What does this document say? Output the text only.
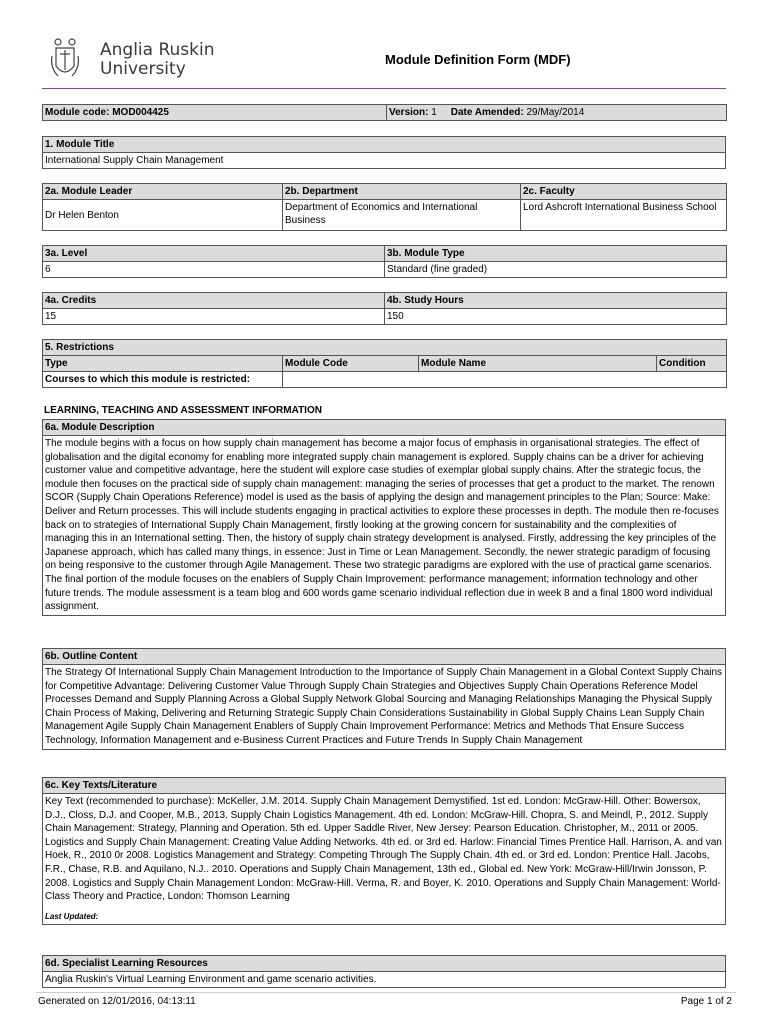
Anglia Ruskin
University	Module Definition Form (MDF)
Module code: MOD004425	Version: 1 Date Amended: 29/May/2014
1. Module Title
International Supply Chain Management
2a. Module Leader	2b. Department	2c. Faculty
Dr Helen Benton	Department of Economics and International Business	Lord Ashcroft International Business School
3a. Level	3b. Module Type
6	Standard (fine graded)
4a. Credits	4b. Study Hours
15	150
5. Restrictions			
Type	Module Code	Module Name	Condition
Courses to which this module is restricted:			
LEARNING, TEACHING AND ASSESSMENT INFORMATION
6a. Module Description
The module begins with a focus on how supply chain management has become a major focus of emphasis in organisational strategies. The effect of globalisation and the digital economy for enabling more integrated supply chain management is explored. Supply chains can be a driver for achieving customer value and competitive advantage, here the student will explore case studies of exemplar global supply chains. After the strategic focus, the module then focuses on the practical side of supply chain management: managing the series of processes that get a product to the market. The renown SCOR (Supply Chain Operations Reference) model is used as the basis of applying the design and management principles to the Plan; Source: Make: Deliver and Return processes. This will include students engaging in practical activities to explore these processes in depth. The module then re-focuses back on to strategies of International Supply Chain Management, firstly looking at the growing concern for sustainability and the complexities of managing this in an International setting. Then, the history of supply chain strategy development is analysed. Firstly, addressing the key principles of the Japanese approach, which has called many things, in essence: Just in Time or Lean Management. Secondly, the newer strategic paradigm of focusing on being responsive to the customer through Agile Management. These two strategic paradigms are explored with the use of practical game scenarios. The final portion of the module focuses on the enablers of Supply Chain Improvement: performance management; information technology and other future trends. The module assessment is a team blog and 600 words game scenario individual reflection due in week 8 and a final 1800 word individual assignment.
6b. Outline Content
The Strategy Of International Supply Chain Management Introduction to the Importance of Supply Chain Management in a Global Context Supply Chains for Competitive Advantage: Delivering Customer Value Through Supply Chain Strategies and Objectives Supply Chain Operations Reference Model Processes Demand and Supply Planning Across a Global Supply Network Global Sourcing and Managing Relationships Managing the Physical Supply Chain Process of Making, Delivering and Returning Strategic Supply Chain Considerations Sustainability in Global Supply Chains Lean Supply Chain Management Agile Supply Chain Management Enablers of Supply Chain Improvement Performance: Metrics and Methods That Ensure Success Technology, Information Management and e-Business Current Practices and Future Trends In Supply Chain Management
6c. Key Texts/Literature

Key Text (recommended to purchase): McKeller, J.M. 2014. Supply Chain Management Demystified. 1st ed. London: McGraw-Hill. Other: Bowersox, D.J., Closs, D.J. and Cooper, M.B., 2013. Supply Chain Logistics Management. 4th ed. London: McGraw-Hill. Chopra, S. and Meindl, P., 2012. Supply Chain Management: Strategy, Planning and Operation. 5th ed. Upper Saddle River, New Jersey: Pearson Education. Christopher, M., 2011 or 2005. Logistics and Supply Chain Management: Creating Value Adding Networks. 4th ed. or 3rd ed. Harlow: Financial Times Prentice Hall. Harrison, A. and van Hoek, R., 2010 0r 2008. Logistics Management and Strategy: Competing Through The Supply Chain. 4th ed. or 3rd ed. London: Prentice Hall. Jacobs, F.R., Chase, R.B. and Aquilano, N.J.. 2010. Operations and Supply Chain Management, 13th ed., Global ed. New York: McGraw-Hill/Irwin Jonsson, P. 2008. Logistics and Supply Chain Management London: McGraw-Hill. Verma, R. and Boyer, K. 2010. Operations and Supply Chain Management: World-Class Theory and Practice, London: Thomson Learning
Last Updated:
6d. Specialist Learning Resources
Anglia Ruskin's Virtual Learning Environment and game scenario activities.
Generated on 12/01/2016, 04:13:11	Page 1 of 2
